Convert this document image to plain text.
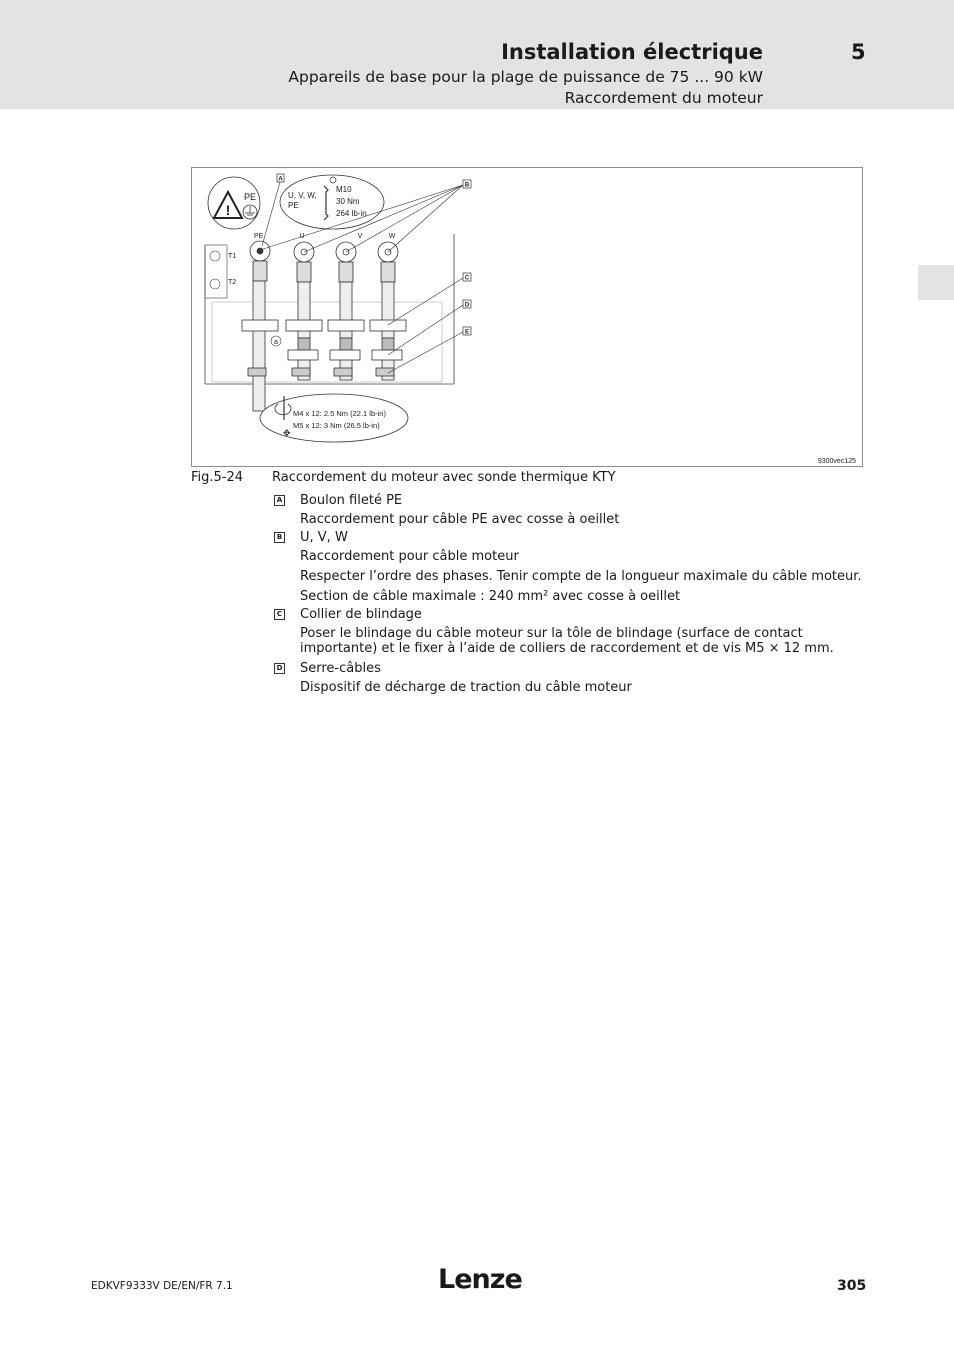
Installation électrique	5
Appareils de base pour la plage de puissance de 75 ... 90 kW
Raccordement du moteur
!
PE	U, V, W,
PE
M10
30 Nm
264 lb-in
A
B
PE	U	V	W
T1
T2
a
C
D
E
✥
M4 x 12: 2.5 Nm (22.1 lb-in)
M5 x 12: 3 Nm (26.5 lb-in)
9300vec125
Fig.5-24 Raccordement du moteur avec sonde thermique KTY
A Boulon fileté PE
Raccordement pour câble PE avec cosse à oeillet
B U, V, W
Raccordement pour câble moteur
Respecter l’ordre des phases. Tenir compte de la longueur maximale du câble moteur.
Section de câble maximale : 240 mm² avec cosse à oeillet
C Collier de blindage
Poser le blindage du câble moteur sur la tôle de blindage (surface de contact importante) et le fixer à l’aide de colliers de raccordement et de vis M5 × 12 mm.
D Serre-câbles
Dispositif de décharge de traction du câble moteur
EDKVF9333V DE/EN/FR 7.1	Lenze	305
